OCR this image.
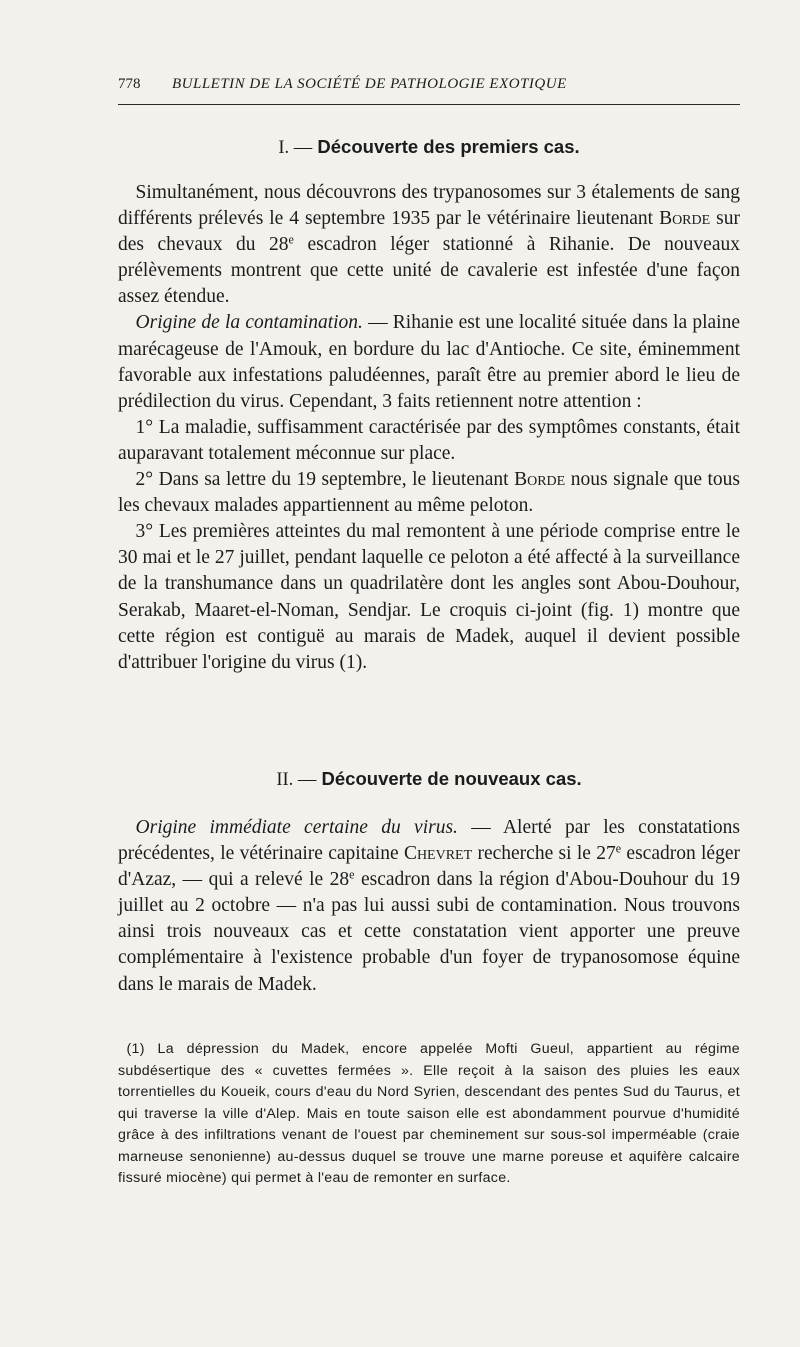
778 BULLETIN DE LA SOCIÉTÉ DE PATHOLOGIE EXOTIQUE
I. — Découverte des premiers cas.

Simultanément, nous découvrons des trypanosomes sur 3 étalements de sang différents prélevés le 4 septembre 1935 par le vétérinaire lieutenant Borde sur des chevaux du 28e escadron léger stationné à Rihanie. De nouveaux prélèvements montrent que cette unité de cavalerie est infestée d'une façon assez étendue.

Origine de la contamination. — Rihanie est une localité située dans la plaine marécageuse de l'Amouk, en bordure du lac d'Antioche. Ce site, éminemment favorable aux infestations paludéennes, paraît être au premier abord le lieu de prédilection du virus. Cependant, 3 faits retiennent notre attention :

1° La maladie, suffisamment caractérisée par des symptômes constants, était auparavant totalement méconnue sur place.

2° Dans sa lettre du 19 septembre, le lieutenant Borde nous signale que tous les chevaux malades appartiennent au même peloton.

3° Les premières atteintes du mal remontent à une période comprise entre le 30 mai et le 27 juillet, pendant laquelle ce peloton a été affecté à la surveillance de la transhumance dans un quadrilatère dont les angles sont Abou-Douhour, Serakab, Maaret-el-Noman, Sendjar. Le croquis ci-joint (fig. 1) montre que cette région est contiguë au marais de Madek, auquel il devient possible d'attribuer l'origine du virus (1).

II. — Découverte de nouveaux cas.

Origine immédiate certaine du virus. — Alerté par les constatations précédentes, le vétérinaire capitaine Chevret recherche si le 27e escadron léger d'Azaz, — qui a relevé le 28e escadron dans la région d'Abou-Douhour du 19 juillet au 2 octobre — n'a pas lui aussi subi de contamination. Nous trouvons ainsi trois nouveaux cas et cette constatation vient apporter une preuve complémentaire à l'existence probable d'un foyer de trypanosomose équine dans le marais de Madek.

(1) La dépression du Madek, encore appelée Mofti Gueul, appartient au régime subdésertique des « cuvettes fermées ». Elle reçoit à la saison des pluies les eaux torrentielles du Koueik, cours d'eau du Nord Syrien, descendant des pentes Sud du Taurus, et qui traverse la ville d'Alep. Mais en toute saison elle est abondamment pourvue d'humidité grâce à des infiltrations venant de l'ouest par cheminement sur sous-sol imperméable (craie marneuse senonienne) au-dessus duquel se trouve une marne poreuse et aquifère calcaire fissuré miocène) qui permet à l'eau de remonter en surface.
